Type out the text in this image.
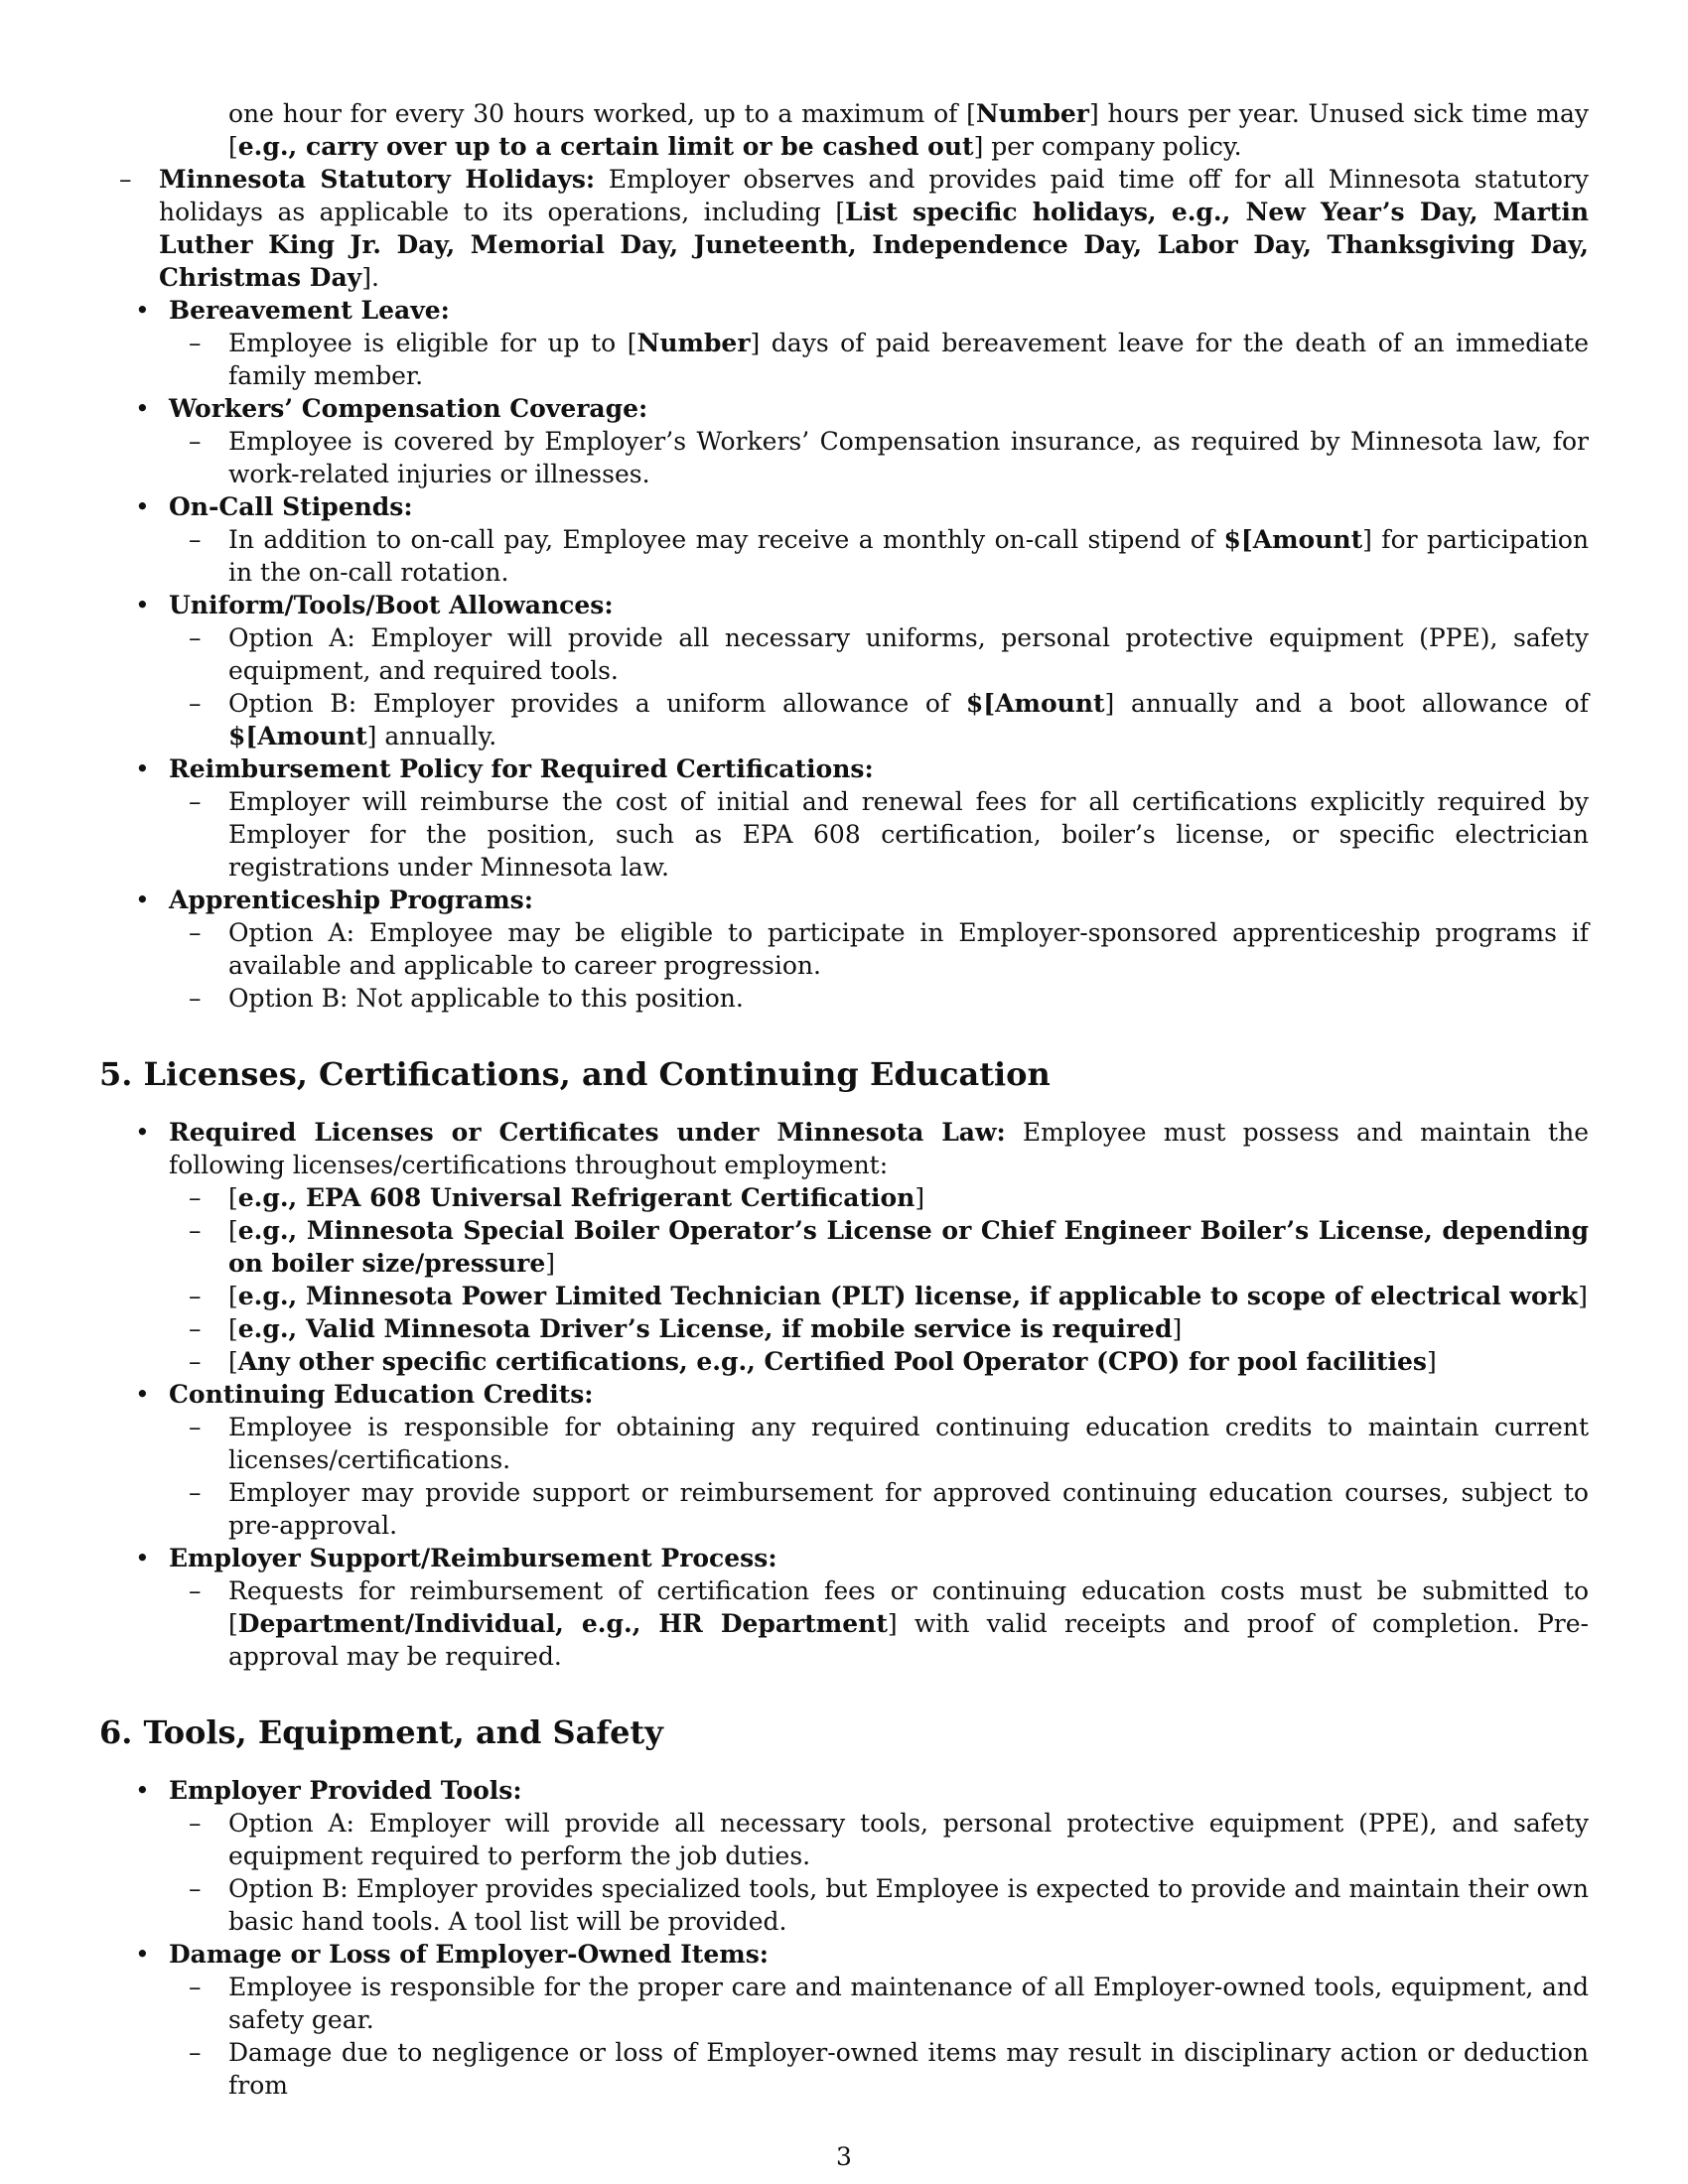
one hour for every 30 hours worked, up to a maximum of [Number] hours per year. Unused sick time may [e.g., carry over up to a certain limit or be cashed out] per company policy.
– Minnesota Statutory Holidays: Employer observes and provides paid time off for all Minnesota statutory holidays as applicable to its operations, including [List specific holidays, e.g., New Year’s Day, Martin Luther King Jr. Day, Memorial Day, Juneteenth, Independence Day, Labor Day, Thanksgiving Day, Christmas Day].
• Bereavement Leave:
– Employee is eligible for up to [Number] days of paid bereavement leave for the death of an immediate family member.
• Workers’ Compensation Coverage:
– Employee is covered by Employer’s Workers’ Compensation insurance, as required by Minnesota law, for work-related injuries or illnesses.
• On-Call Stipends:
– In addition to on-call pay, Employee may receive a monthly on-call stipend of $[Amount] for participation in the on-call rotation.
• Uniform/Tools/Boot Allowances:
– Option A: Employer will provide all necessary uniforms, personal protective equipment (PPE), safety equipment, and required tools.
– Option B: Employer provides a uniform allowance of $[Amount] annually and a boot allowance of $[Amount] annually.
• Reimbursement Policy for Required Certifications:
– Employer will reimburse the cost of initial and renewal fees for all certifications explicitly required by Employer for the position, such as EPA 608 certification, boiler’s license, or specific electrician registrations under Minnesota law.
• Apprenticeship Programs:
– Option A: Employee may be eligible to participate in Employer-sponsored apprenticeship programs if available and applicable to career progression.
– Option B: Not applicable to this position.
5. Licenses, Certifications, and Continuing Education
• Required Licenses or Certificates under Minnesota Law: Employee must possess and maintain the following licenses/certifications throughout employment:
– [e.g., EPA 608 Universal Refrigerant Certification]
– [e.g., Minnesota Special Boiler Operator’s License or Chief Engineer Boiler’s License, depending on boiler size/pressure]
– [e.g., Minnesota Power Limited Technician (PLT) license, if applicable to scope of electrical work]
– [e.g., Valid Minnesota Driver’s License, if mobile service is required]
– [Any other specific certifications, e.g., Certified Pool Operator (CPO) for pool facilities]
• Continuing Education Credits:
– Employee is responsible for obtaining any required continuing education credits to maintain current licenses/certifications.
– Employer may provide support or reimbursement for approved continuing education courses, subject to pre-approval.
• Employer Support/Reimbursement Process:
– Requests for reimbursement of certification fees or continuing education costs must be submitted to [Department/Individual, e.g., HR Department] with valid receipts and proof of completion. Pre-approval may be required.
6. Tools, Equipment, and Safety
• Employer Provided Tools:
– Option A: Employer will provide all necessary tools, personal protective equipment (PPE), and safety equipment required to perform the job duties.
– Option B: Employer provides specialized tools, but Employee is expected to provide and maintain their own basic hand tools. A tool list will be provided.
• Damage or Loss of Employer-Owned Items:
– Employee is responsible for the proper care and maintenance of all Employer-owned tools, equipment, and safety gear.
– Damage due to negligence or loss of Employer-owned items may result in disciplinary action or deduction from
3
